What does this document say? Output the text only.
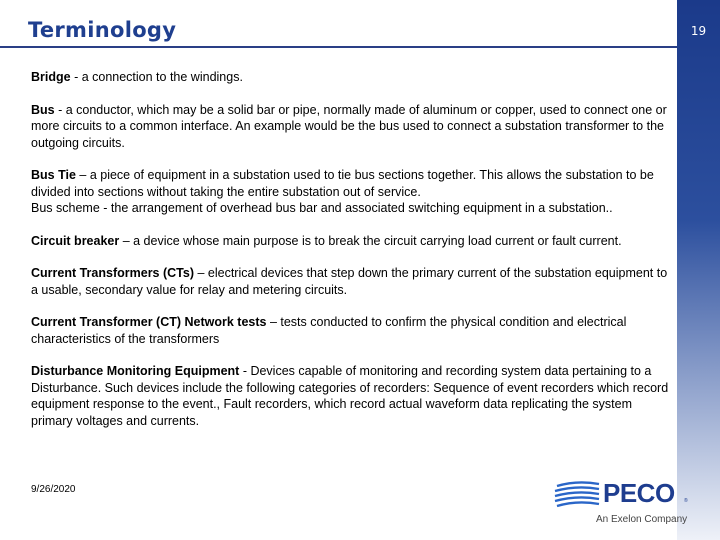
19
Terminology

Bridge - a connection to the windings.

Bus - a conductor, which may be a solid bar or pipe, normally made of aluminum or copper, used to connect one or more circuits to a common interface. An example would be the bus used to connect a substation transformer to the outgoing circuits.

Bus Tie – a piece of equipment in a substation used to tie bus sections together. This allows the substation to be divided into sections without taking the entire substation out of service.

Bus scheme - the arrangement of overhead bus bar and associated switching equipment in a substation..

Circuit breaker – a device whose main purpose is to break the circuit carrying load current or fault current.

Current Transformers (CTs) – electrical devices that step down the primary current of the substation equipment to a usable, secondary value for relay and metering circuits.

Current Transformer (CT) Network tests – tests conducted to confirm the physical condition and electrical characteristics of the transformers

Disturbance Monitoring Equipment - Devices capable of monitoring and recording system data pertaining to a Disturbance. Such devices include the following categories of recorders: Sequence of event recorders which record equipment response to the event., Fault recorders, which record actual waveform data replicating the system primary voltages and currents.

9/26/2020	PECO ®
An Exelon Company
